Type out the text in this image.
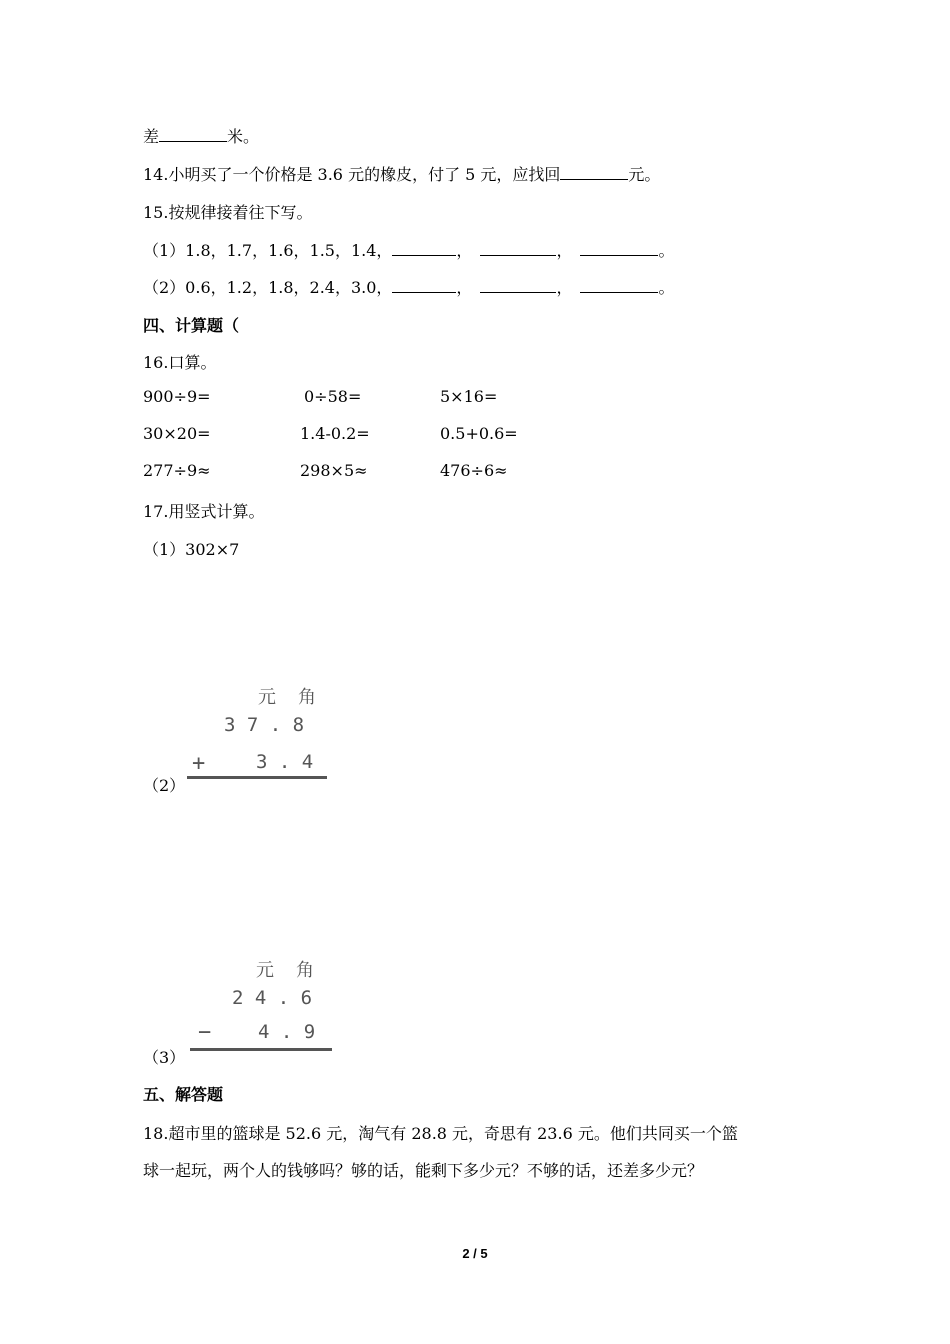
差	米。
14.小明买了一个价格是 3.6 元的橡皮，付了 5 元，应找回	元。
15.按规律接着往下写。
（1）1.8，1.7，1.6，1.5，1.4，	，	，	。
（2）0.6，1.2，1.8，2.4，3.0，	，	，	。
四、计算题（
16.口算。
900÷9=	0÷58=	5×16=
30×20=	1.4-0.2=	0.5+0.6=
277÷9≈	298×5≈	476÷6≈
17.用竖式计算。
（1）302×7
（2）
元 角
3 7 . 8
+	3 . 4
（3）
元 角
2 4 . 6
− 4 . 9
五、解答题
18.超市里的篮球是 52.6 元，淘气有 28.8 元，奇思有 23.6 元。他们共同买一个篮
球一起玩，两个人的钱够吗？够的话，能剩下多少元？不够的话，还差多少元？
2 / 5
